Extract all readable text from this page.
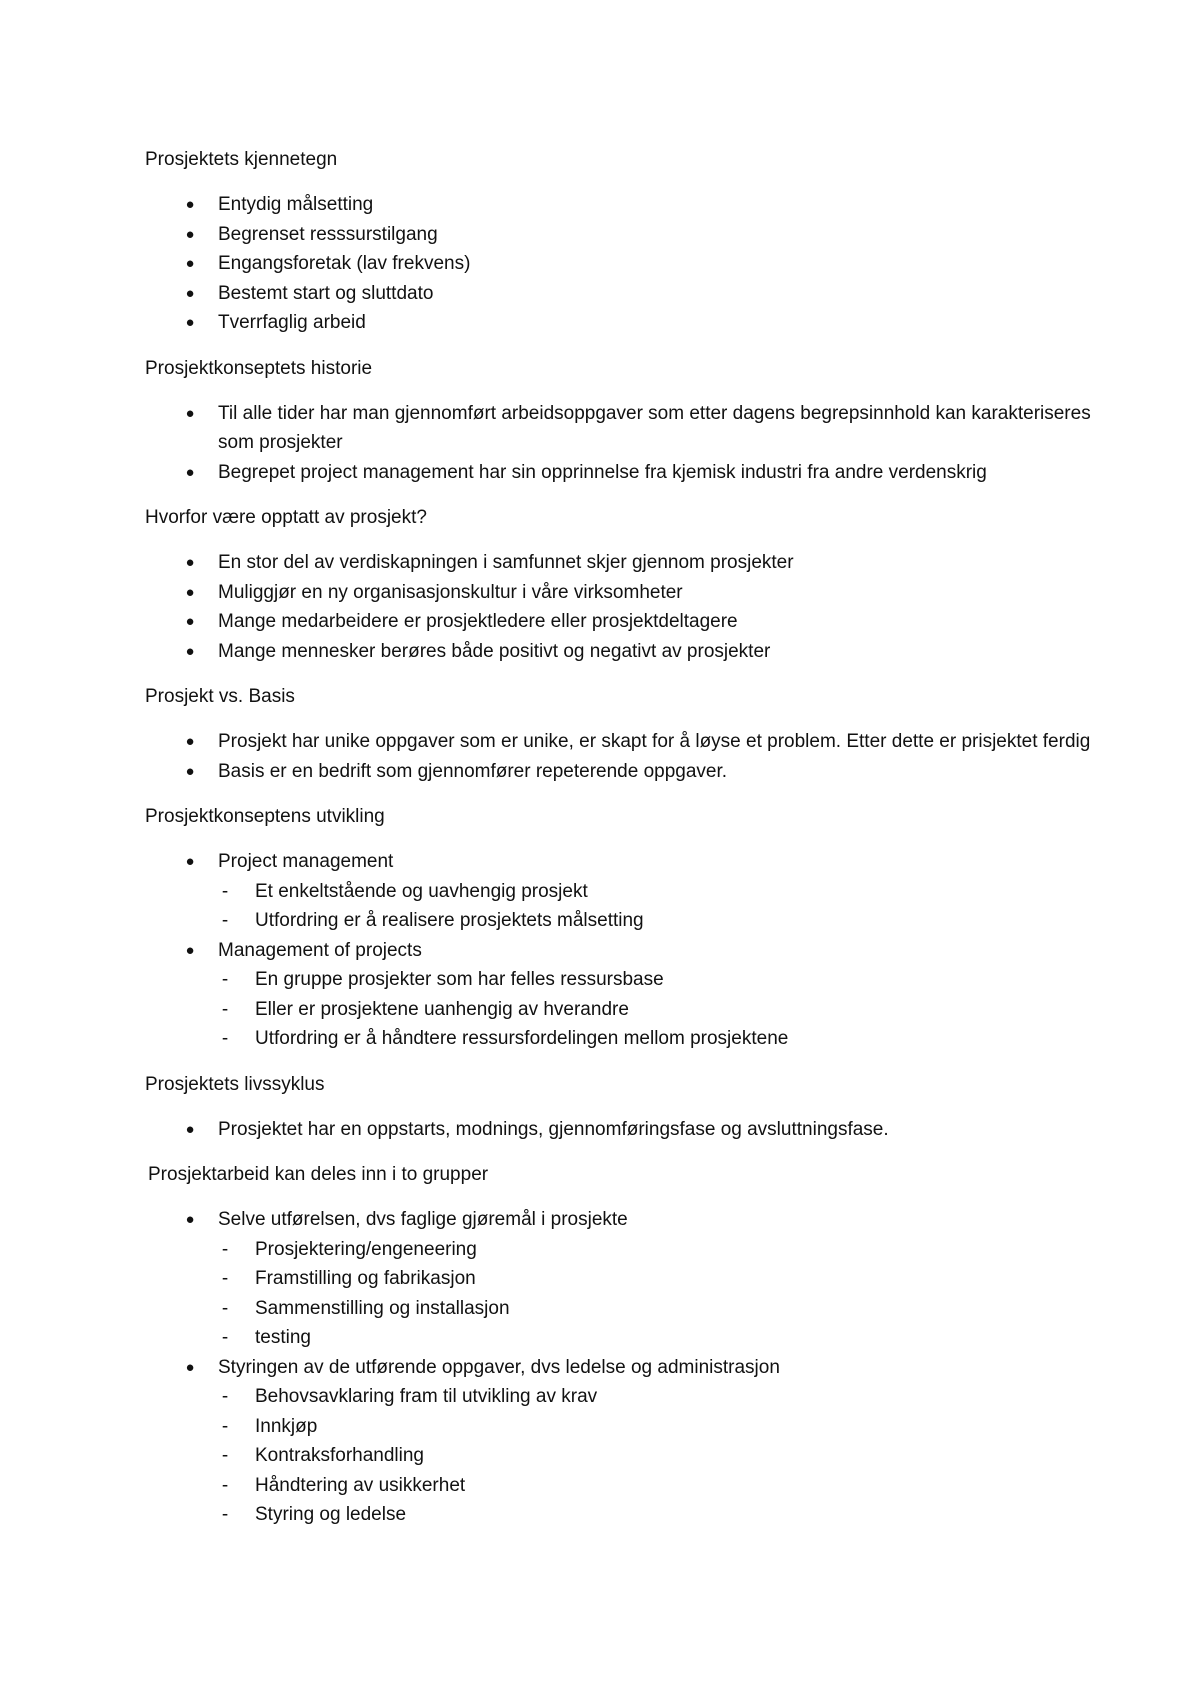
Prosjektets kjennetegn
● Entydig målsetting
● Begrenset resssurstilgang
● Engangsforetak (lav frekvens)
● Bestemt start og sluttdato
● Tverrfaglig arbeid
Prosjektkonseptets historie
● Til alle tider har man gjennomført arbeidsoppgaver som etter dagens begrepsinnhold kan karakteriseres som prosjekter
● Begrepet project management har sin opprinnelse fra kjemisk industri fra andre verdenskrig
Hvorfor være opptatt av prosjekt?
● En stor del av verdiskapningen i samfunnet skjer gjennom prosjekter
● Muliggjør en ny organisasjonskultur i våre virksomheter
● Mange medarbeidere er prosjektledere eller prosjektdeltagere
● Mange mennesker berøres både positivt og negativt av prosjekter
Prosjekt vs. Basis
● Prosjekt har unike oppgaver som er unike, er skapt for å løyse et problem. Etter dette er prisjektet ferdig
● Basis er en bedrift som gjennomfører repeterende oppgaver.
Prosjektkonseptens utvikling
● Project management
- Et enkeltstående og uavhengig prosjekt
- Utfordring er å realisere prosjektets målsetting
● Management of projects
- En gruppe prosjekter som har felles ressursbase
- Eller er prosjektene uanhengig av hverandre
- Utfordring er å håndtere ressursfordelingen mellom prosjektene
Prosjektets livssyklus
● Prosjektet har en oppstarts, modnings, gjennomføringsfase og avsluttningsfase.
Prosjektarbeid kan deles inn i to grupper
● Selve utførelsen, dvs faglige gjøremål i prosjekte
- Prosjektering/engeneering
- Framstilling og fabrikasjon
- Sammenstilling og installasjon
- testing
● Styringen av de utførende oppgaver, dvs ledelse og administrasjon
- Behovsavklaring fram til utvikling av krav
- Innkjøp
- Kontraksforhandling
- Håndtering av usikkerhet
- Styring og ledelse
